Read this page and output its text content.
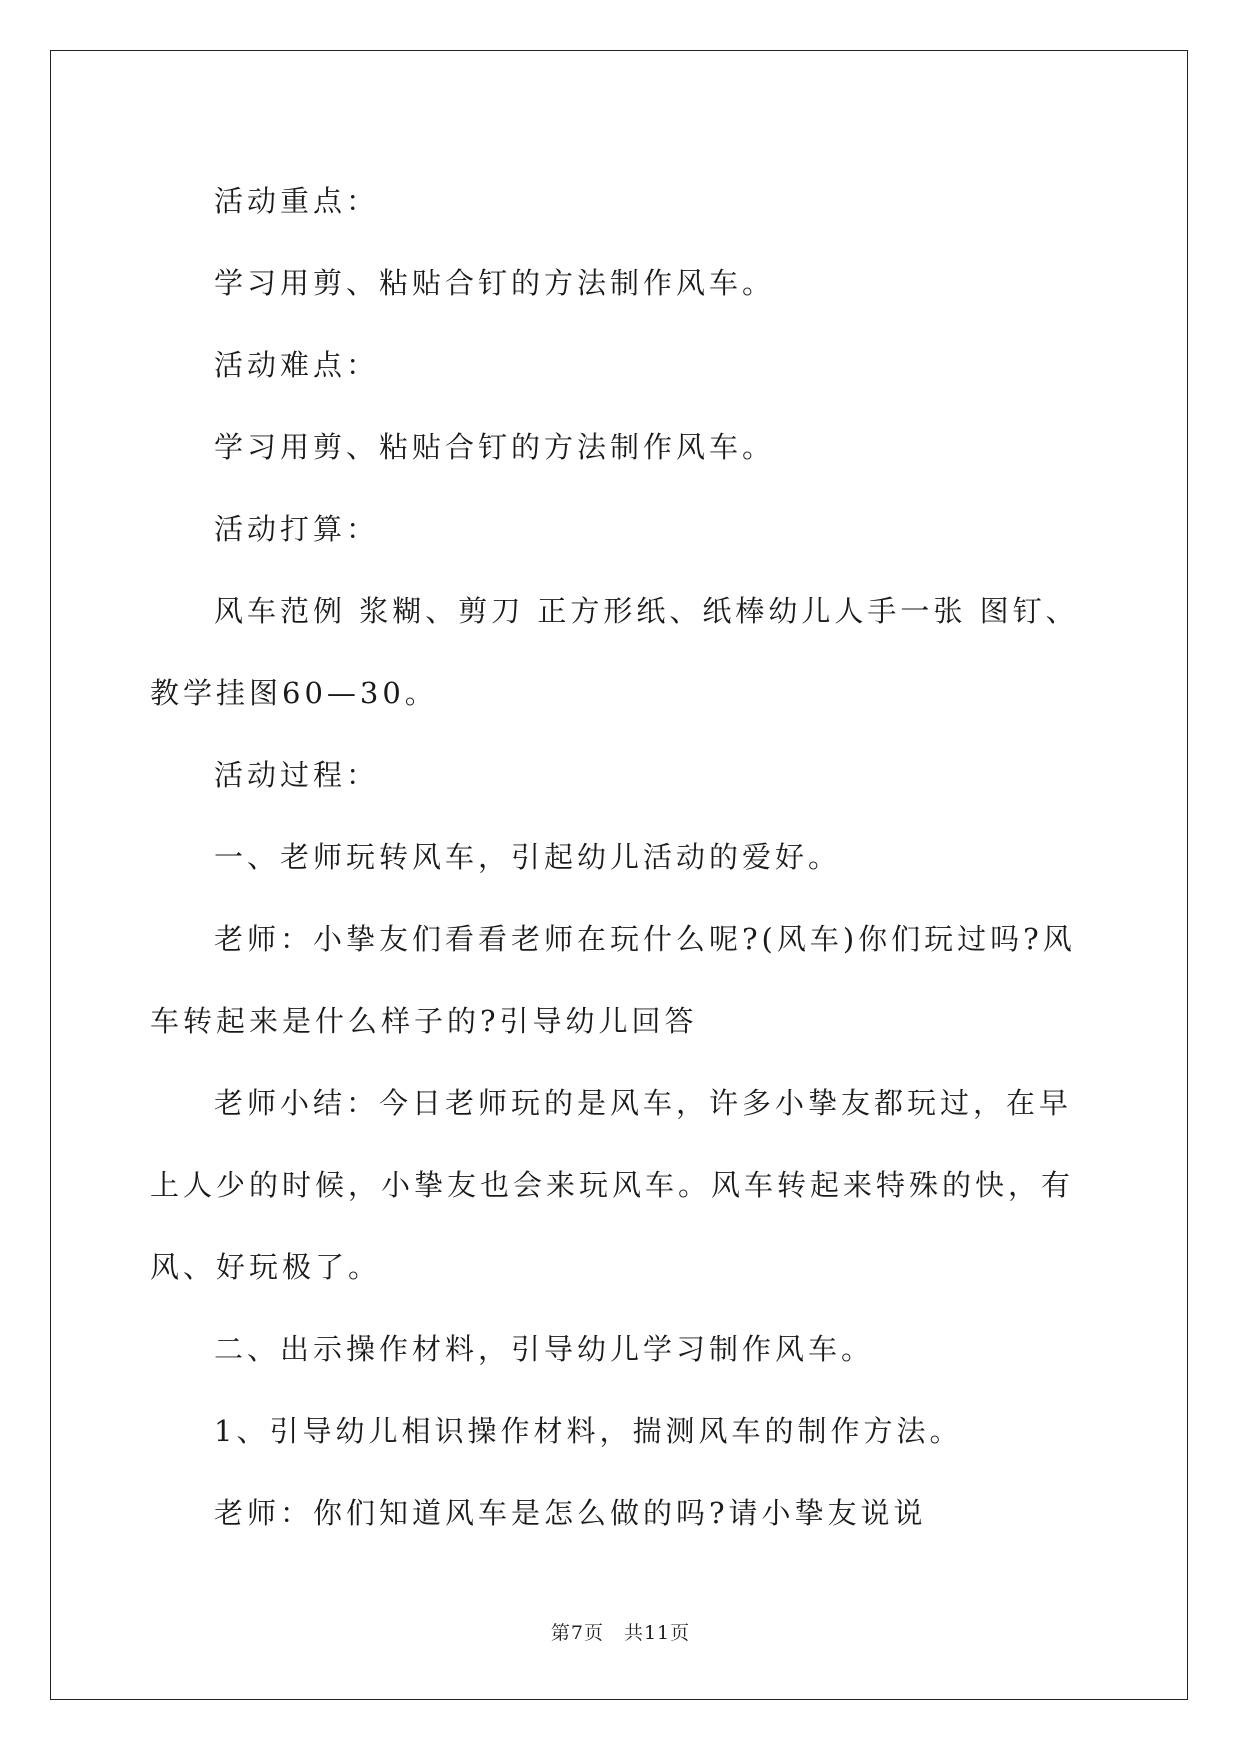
活动重点：

学习用剪、粘贴合钉的方法制作风车。

活动难点：

学习用剪、粘贴合钉的方法制作风车。

活动打算：

风车范例 浆糊、剪刀 正方形纸、纸棒幼儿人手一张 图钉、教学挂图60—30。

活动过程：

一、老师玩转风车，引起幼儿活动的爱好。

老师：小挚友们看看老师在玩什么呢?(风车)你们玩过吗?风车转起来是什么样子的?引导幼儿回答

老师小结：今日老师玩的是风车，许多小挚友都玩过，在早上人少的时候，小挚友也会来玩风车。风车转起来特殊的快，有风、好玩极了。

二、出示操作材料，引导幼儿学习制作风车。

1、引导幼儿相识操作材料，揣测风车的制作方法。

老师：你们知道风车是怎么做的吗?请小挚友说说

第7页 共11页
